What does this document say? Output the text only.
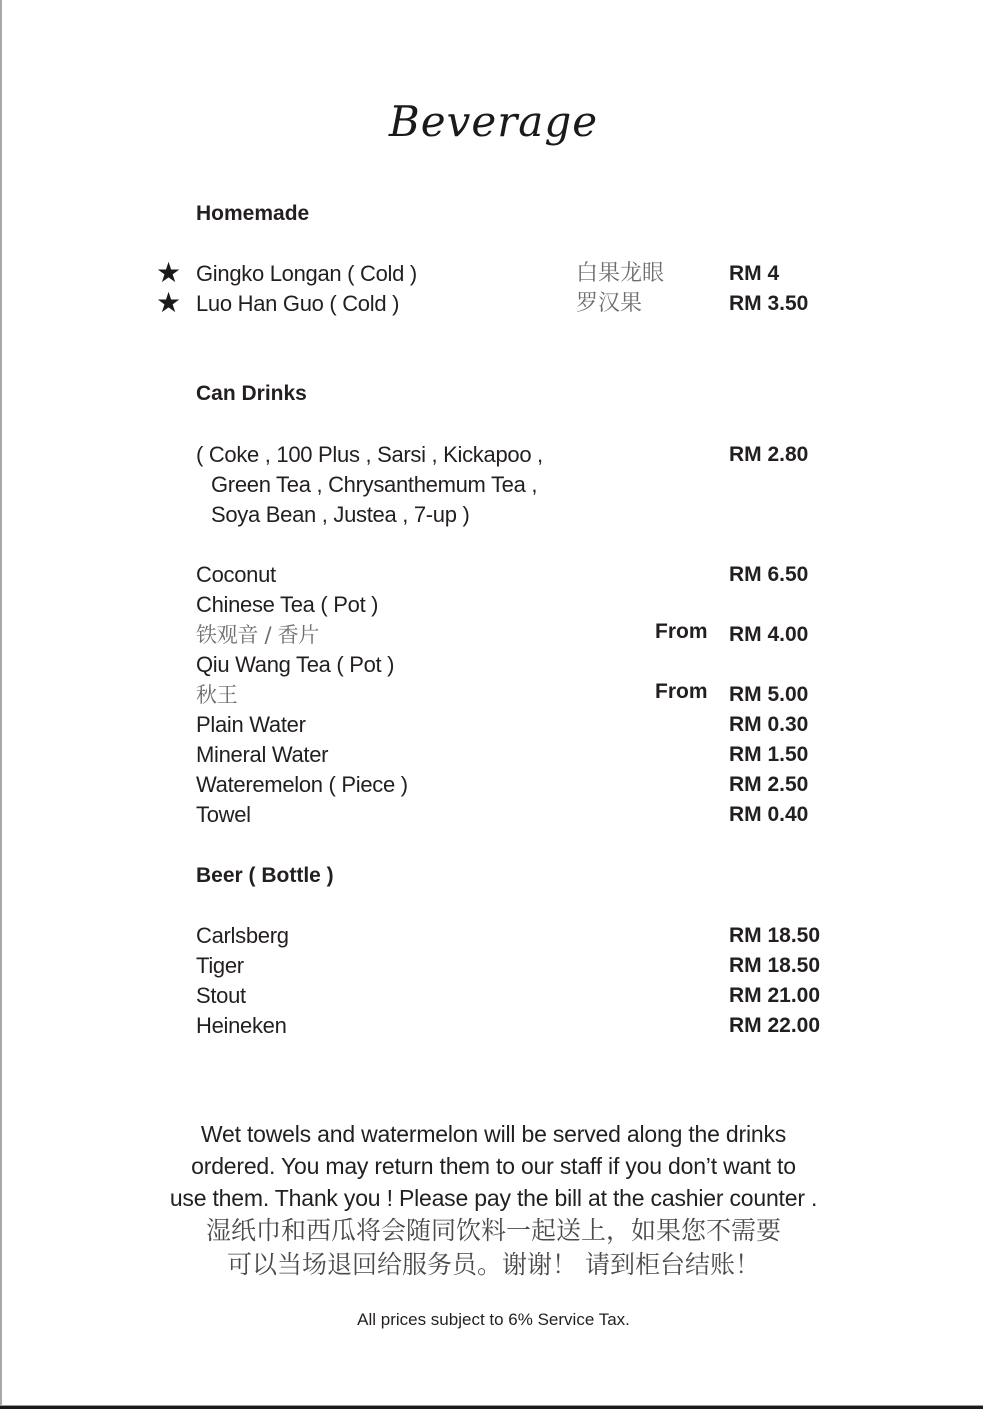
Beverage
Homemade
★ Gingko Longan ( Cold )	白果龙眼	RM 4
★ Luo Han Guo ( Cold )	罗汉果	RM 3.50
Can Drinks
( Coke , 100 Plus , Sarsi , Kickapoo ,	RM 2.80
Green Tea , Chrysanthemum Tea ,
Soya Bean , Justea , 7-up )
Coconut	RM 6.50
Chinese Tea ( Pot )
铁观音 / 香片	From RM 4.00
Qiu Wang Tea ( Pot )
秋王	From RM 5.00
Plain Water	RM 0.30
Mineral Water	RM 1.50
Wateremelon ( Piece )	RM 2.50
Towel	RM 0.40
Beer ( Bottle )
Carlsberg	RM 18.50
Tiger	RM 18.50
Stout	RM 21.00
Heineken	RM 22.00
Wet towels and watermelon will be served along the drinks
ordered. You may return them to our staff if you don’t want to
use them. Thank you ! Please pay the bill at the cashier counter .
湿纸巾和西瓜将会随同饮料一起送上，如果您不需要
可以当场退回给服务员。谢谢！ 请到柜台结账！
All prices subject to 6% Service Tax.
